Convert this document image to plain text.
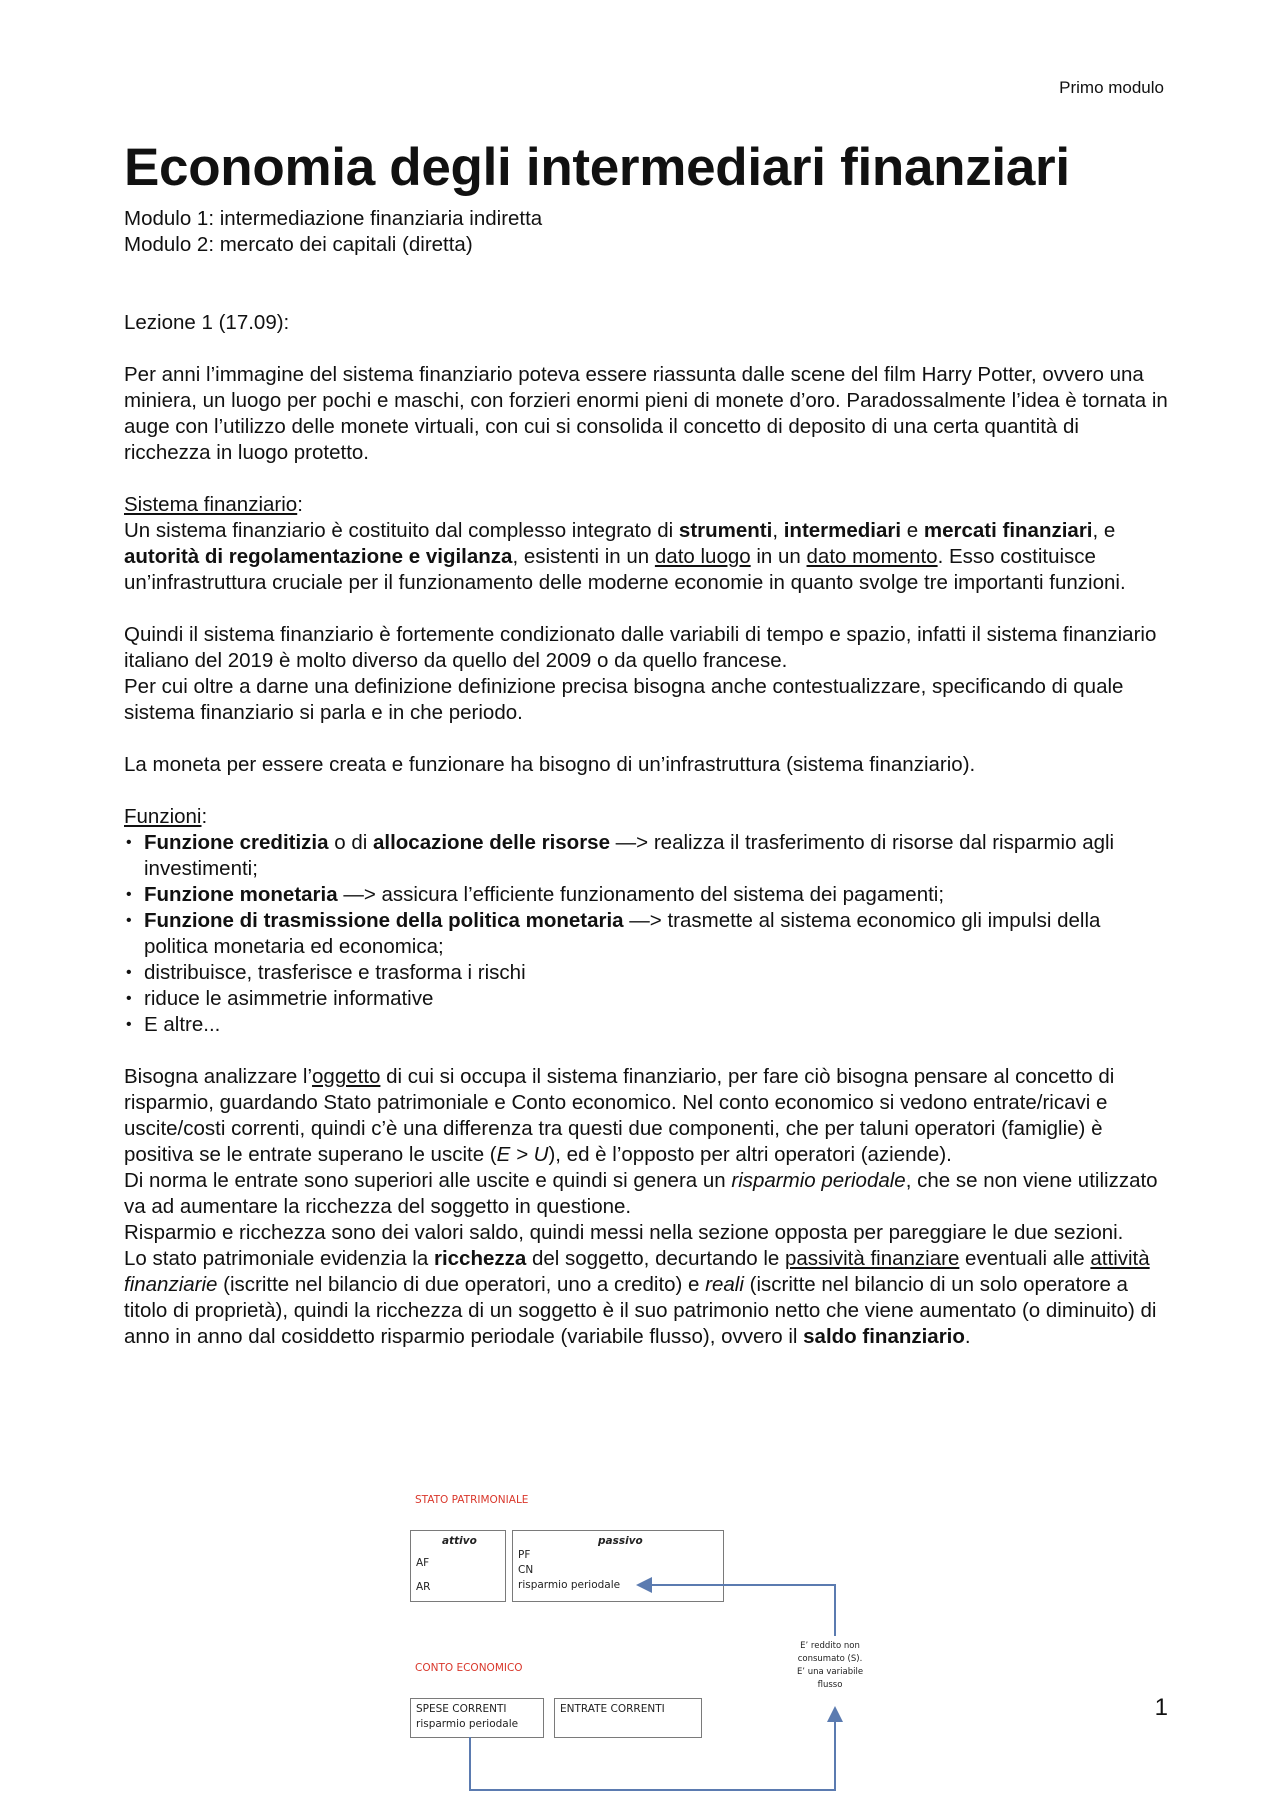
Primo modulo
Economia degli intermediari finanziari
Modulo 1: intermediazione finanziaria indiretta
Modulo 2: mercato dei capitali (diretta)

Lezione 1 (17.09):

Per anni l’immagine del sistema finanziario poteva essere riassunta dalle scene del film Harry Potter, ovvero una miniera, un luogo per pochi e maschi, con forzieri enormi pieni di monete d’oro. Paradossalmente l’idea è tornata in auge con l’utilizzo delle monete virtuali, con cui si consolida il concetto di deposito di una certa quantità di ricchezza in luogo protetto.

Sistema finanziario:

Un sistema finanziario è costituito dal complesso integrato di strumenti, intermediari e mercati finanziari, e autorità di regolamentazione e vigilanza, esistenti in un dato luogo in un dato momento. Esso costituisce un’infrastruttura cruciale per il funzionamento delle moderne economie in quanto svolge tre importanti funzioni.

Quindi il sistema finanziario è fortemente condizionato dalle variabili di tempo e spazio, infatti il sistema finanziario italiano del 2019 è molto diverso da quello del 2009 o da quello francese.

Per cui oltre a darne una definizione definizione precisa bisogna anche contestualizzare, specificando di quale sistema finanziario si parla e in che periodo.

La moneta per essere creata e funzionare ha bisogno di un’infrastruttura (sistema finanziario).

Funzioni:

• Funzione creditizia o di allocazione delle risorse —> realizza il trasferimento di risorse dal risparmio agli investimenti;
• Funzione monetaria —> assicura l’efficiente funzionamento del sistema dei pagamenti;
• Funzione di trasmissione della politica monetaria —> trasmette al sistema economico gli impulsi della politica monetaria ed economica;
• distribuisce, trasferisce e trasforma i rischi
• riduce le asimmetrie informative
• E altre...

Bisogna analizzare l’oggetto di cui si occupa il sistema finanziario, per fare ciò bisogna pensare al concetto di risparmio, guardando Stato patrimoniale e Conto economico. Nel conto economico si vedono entrate/ricavi e uscite/costi correnti, quindi c’è una differenza tra questi due componenti, che per taluni operatori (famiglie) è positiva se le entrate superano le uscite (E > U), ed è l’opposto per altri operatori (aziende).

Di norma le entrate sono superiori alle uscite e quindi si genera un risparmio periodale, che se non viene utilizzato va ad aumentare la ricchezza del soggetto in questione.

Risparmio e ricchezza sono dei valori saldo, quindi messi nella sezione opposta per pareggiare le due sezioni.

Lo stato patrimoniale evidenzia la ricchezza del soggetto, decurtando le passività finanziare eventuali alle attività finanziarie (iscritte nel bilancio di due operatori, uno a credito) e reali (iscritte nel bilancio di un solo operatore a titolo di proprietà), quindi la ricchezza di un soggetto è il suo patrimonio netto che viene aumentato (o diminuito) di anno in anno dal cosiddetto risparmio periodale (variabile flusso), ovvero il saldo finanziario.

STATO PATRIMONIALE
attivo	passivo
AF
AR
PF
CN
risparmio periodale
CONTO ECONOMICO
SPESE CORRENTI
risparmio periodale
ENTRATE CORRENTI
E’ reddito non
consumato (S).
E’ una variabile
flusso
1
